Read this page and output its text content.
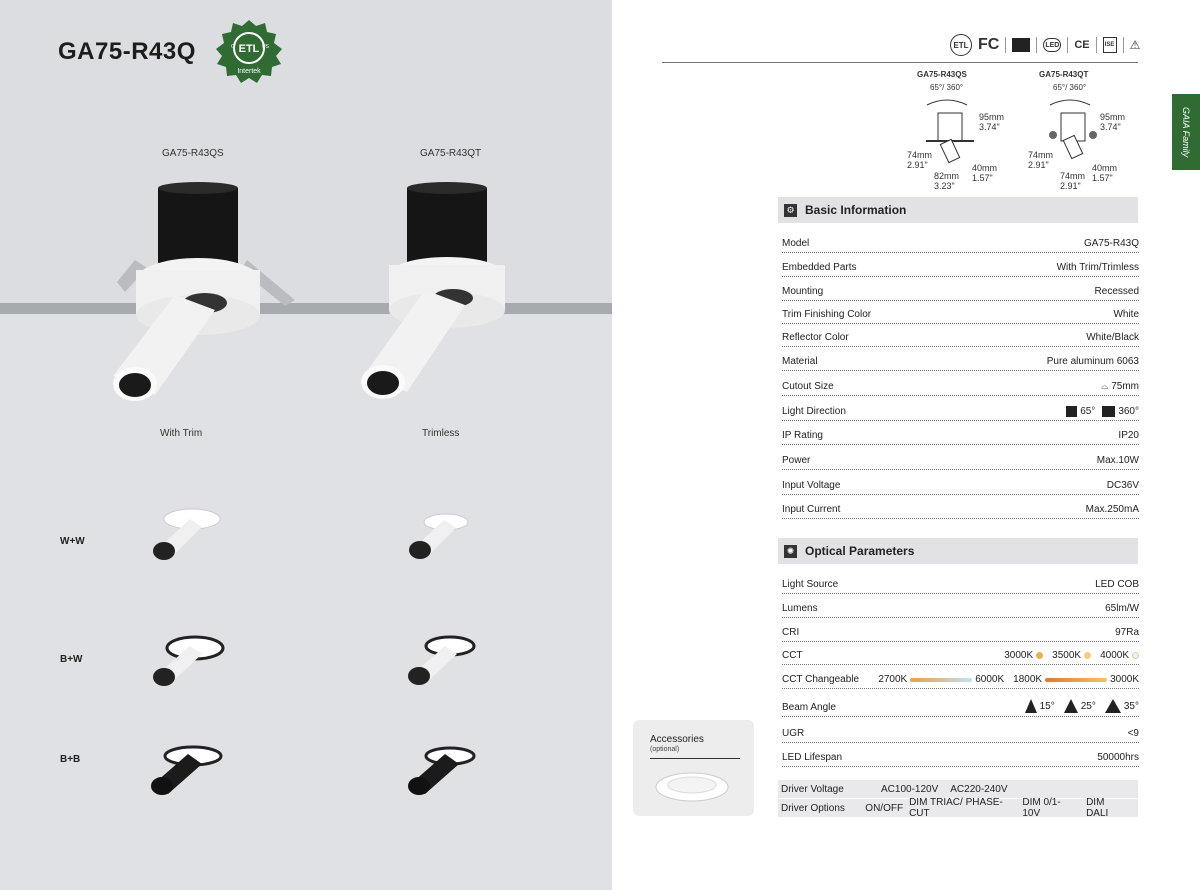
GA75-R43Q	ETL
C	US
Intertek
GA75-R43QS	GA75-R43QT
With Trim	Trimless
W+W
B+W
B+B
ETL FC	LED CE	ISE ⚠
GAIA Family
GA75-R43QS
65°/ 360°
95mm
3.74"
74mm
2.91"	40mm
1.57"
82mm
3.23"
GA75-R43QT
65°/ 360°
95mm
3.74"
74mm
2.91"	40mm
1.57"
74mm
2.91"
⚙ Basic Information
Model	GA75-R43Q
Embedded Parts	With Trim/Trimless
Mounting	Recessed
Trim Finishing Color	White
Reflector Color	White/Black
Material	Pure aluminum 6063
Cutout Size	⌓ 75mm
Light Direction	65° 360°
IP Rating	IP20
Power	Max.10W
Input Voltage	DC36V
Input Current	Max.250mA
✺ Optical Parameters
Light Source	LED COB
Lumens	65lm/W
CRI	97Ra
CCT	3000K 3500K 4000K
CCT Changeable 2700K	6000K 1800K	3000K
Beam Angle	15°	25°	35°
UGR	<9
LED Lifespan	50000hrs
Driver Voltage	AC100-120V AC220-240V
Driver Options	ON/OFF DIM TRIAC/ PHASE-CUT
DIM 0/1-10V
DIM DALI
Accessories
(optional)
